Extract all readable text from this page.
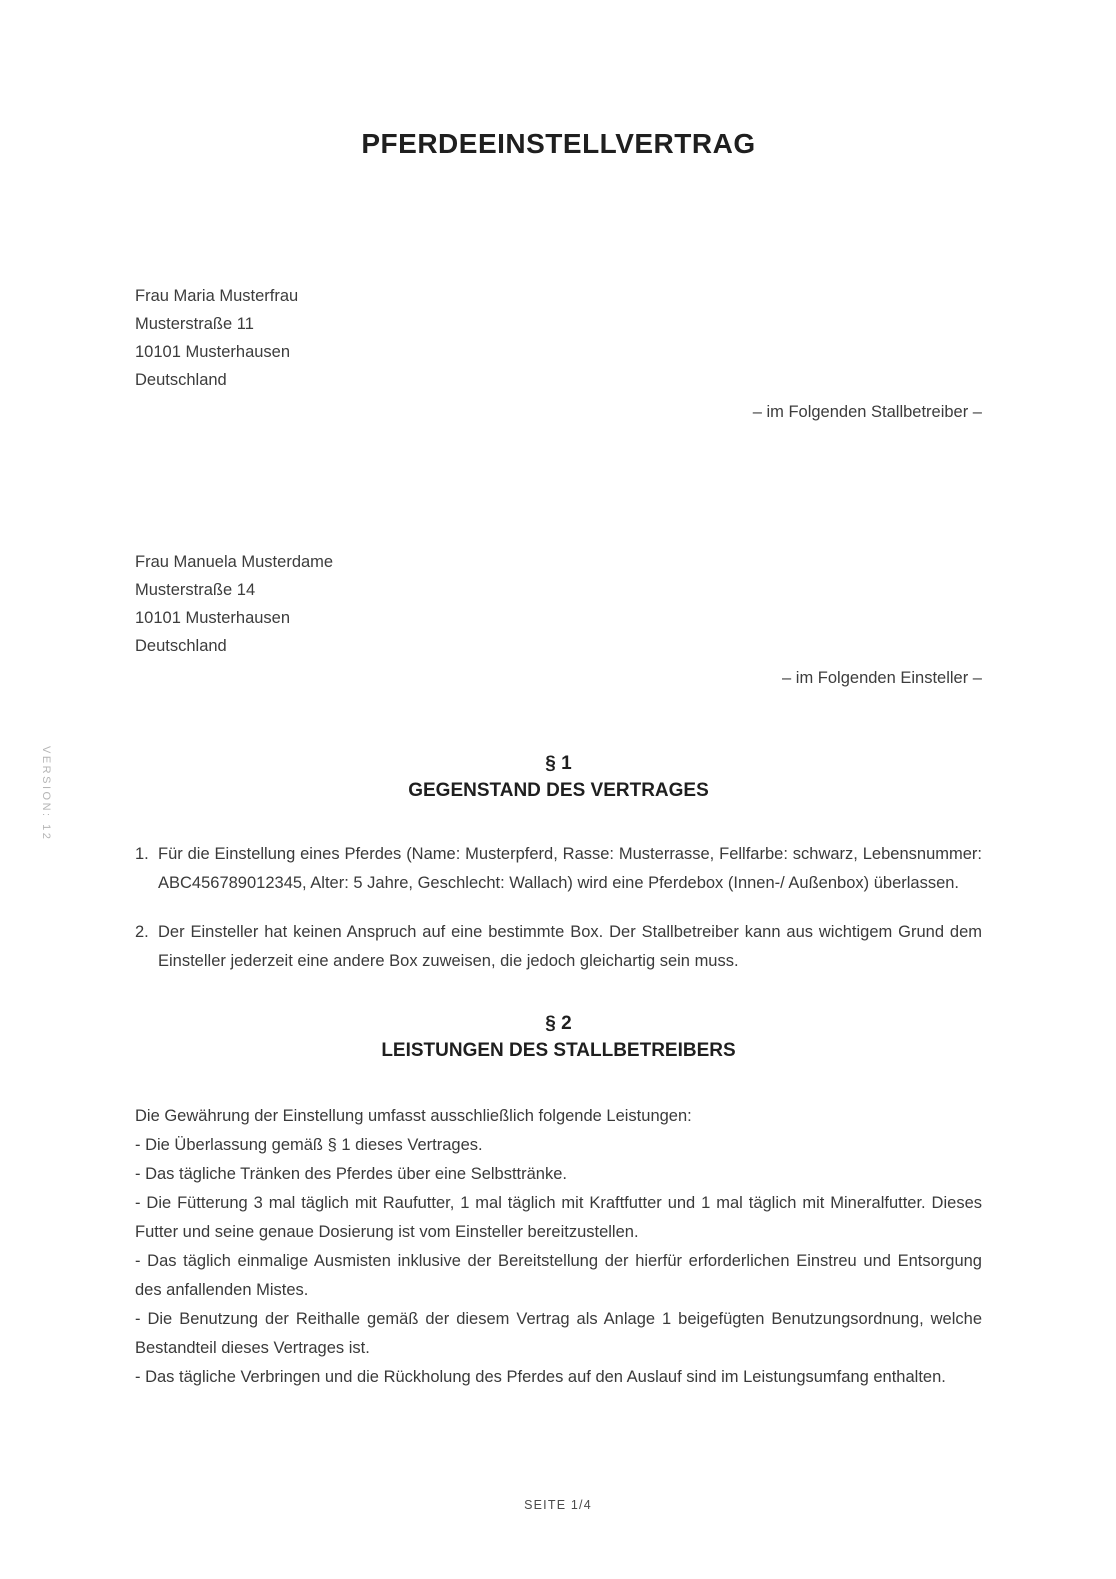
VERSION: 12
PFERDEEINSTELLVERTRAG

Frau Maria Musterfrau

Musterstraße 11

10101 Musterhausen

Deutschland

– im Folgenden Stallbetreiber –

Frau Manuela Musterdame

Musterstraße 14

10101 Musterhausen

Deutschland

– im Folgenden Einsteller –

§ 1
GEGENSTAND DES VERTRAGES
1. Für die Einstellung eines Pferdes (Name: Musterpferd, Rasse: Musterrasse, Fellfarbe: schwarz, Lebensnummer: ABC456789012345, Alter: 5 Jahre, Geschlecht: Wallach) wird eine Pferdebox (Innen-/ Außenbox) überlassen.

2. Der Einsteller hat keinen Anspruch auf eine bestimmte Box. Der Stallbetreiber kann aus wichtigem Grund dem Einsteller jederzeit eine andere Box zuweisen, die jedoch gleichartig sein muss.

§ 2
LEISTUNGEN DES STALLBETREIBERS

Die Gewährung der Einstellung umfasst ausschließlich folgende Leistungen:

- Die Überlassung gemäß § 1 dieses Vertrages.

- Das tägliche Tränken des Pferdes über eine Selbsttränke.

- Die Fütterung 3 mal täglich mit Raufutter, 1 mal täglich mit Kraftfutter und 1 mal täglich mit Mineralfutter. Dieses Futter und seine genaue Dosierung ist vom Einsteller bereitzustellen.

- Das täglich einmalige Ausmisten inklusive der Bereitstellung der hierfür erforderlichen Einstreu und Entsorgung des anfallenden Mistes.

- Die Benutzung der Reithalle gemäß der diesem Vertrag als Anlage 1 beigefügten Benutzungsordnung, welche Bestandteil dieses Vertrages ist.

- Das tägliche Verbringen und die Rückholung des Pferdes auf den Auslauf sind im Leistungsumfang enthalten.

SEITE 1/4
